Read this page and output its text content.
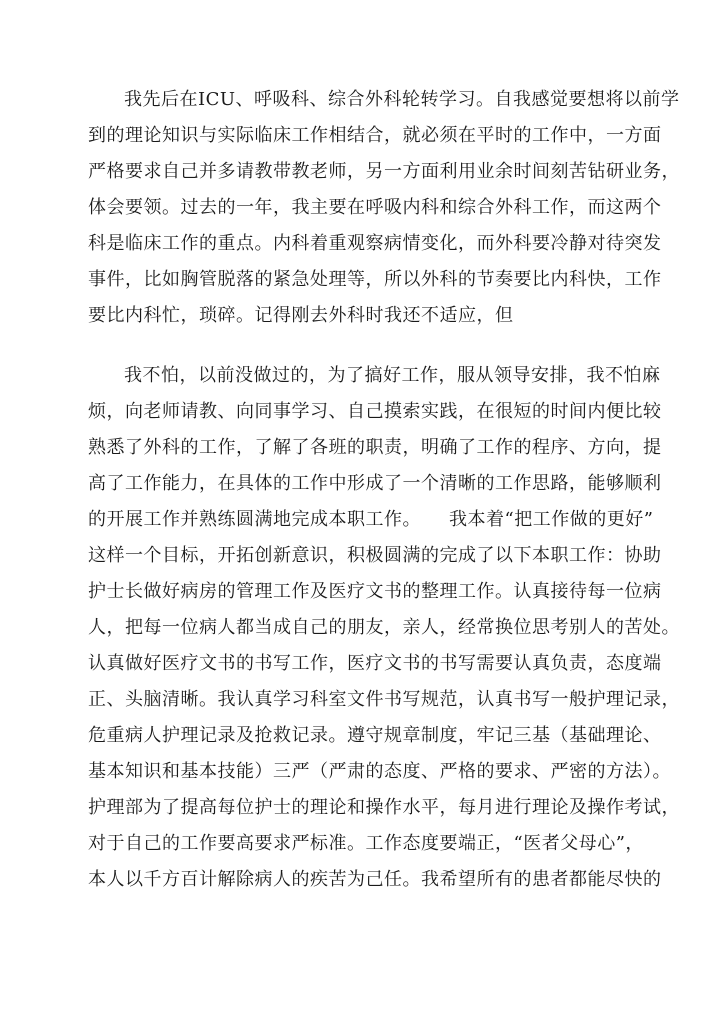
我先后在ICU、呼吸科、综合外科轮转学习。自我感觉要想将以前学
到的理论知识与实际临床工作相结合，就必须在平时的工作中，一方面
严格要求自己并多请教带教老师，另一方面利用业余时间刻苦钻研业务，
体会要领。过去的一年，我主要在呼吸内科和综合外科工作，而这两个
科是临床工作的重点。内科着重观察病情变化，而外科要冷静对待突发
事件，比如胸管脱落的紧急处理等，所以外科的节奏要比内科快，工作
要比内科忙，琐碎。记得刚去外科时我还不适应，但
我不怕，以前没做过的，为了搞好工作，服从领导安排，我不怕麻
烦，向老师请教、向同事学习、自己摸索实践，在很短的时间内便比较
熟悉了外科的工作，了解了各班的职责，明确了工作的程序、方向，提
高了工作能力，在具体的工作中形成了一个清晰的工作思路，能够顺利
的开展工作并熟练圆满地完成本职工作。　　我本着“把工作做的更好”
这样一个目标，开拓创新意识，积极圆满的完成了以下本职工作：协助
护士长做好病房的管理工作及医疗文书的整理工作。认真接待每一位病
人，把每一位病人都当成自己的朋友，亲人，经常换位思考别人的苦处。
认真做好医疗文书的书写工作，医疗文书的书写需要认真负责，态度端
正、头脑清晰。我认真学习科室文件书写规范，认真书写一般护理记录，
危重病人护理记录及抢救记录。遵守规章制度，牢记三基（基础理论、
基本知识和基本技能）三严（严肃的态度、严格的要求、严密的方法）。
护理部为了提高每位护士的理论和操作水平，每月进行理论及操作考试，
对于自己的工作要高要求严标准。工作态度要端正，“医者父母心”，
本人以千方百计解除病人的疾苦为己任。我希望所有的患者都能尽快的
